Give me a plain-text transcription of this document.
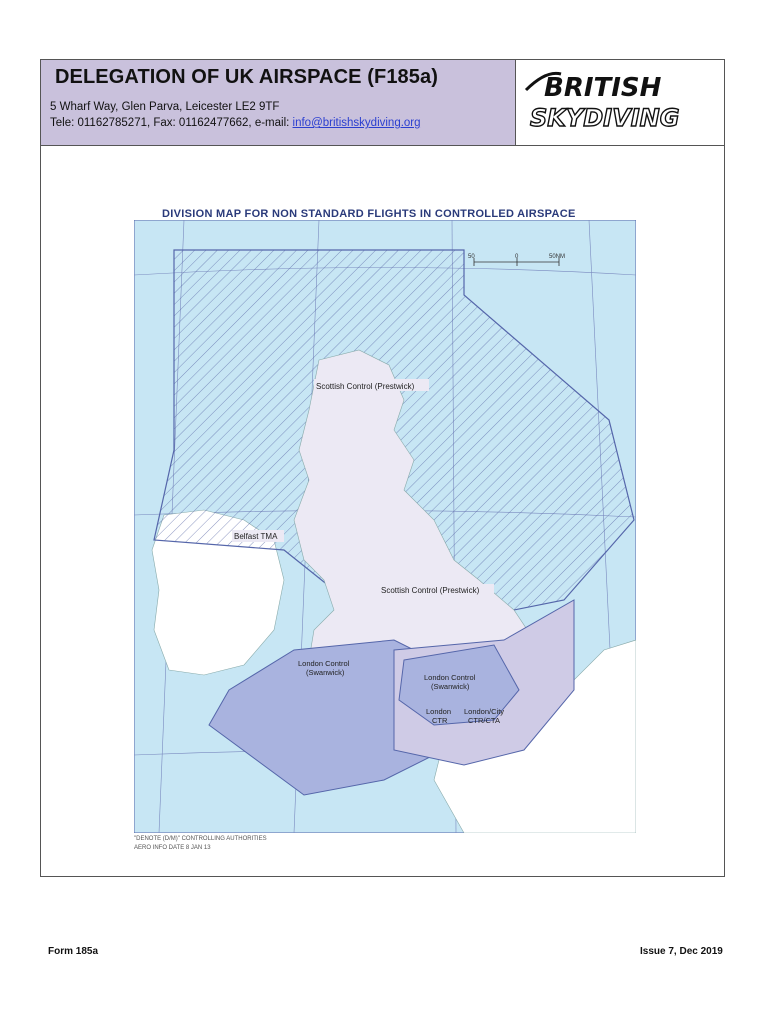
DELEGATION OF UK AIRSPACE (F185a)
5 Wharf Way, Glen Parva, Leicester LE2 9TF
Tele: 01162785271, Fax: 01162477662, e-mail: info@britishskydiving.org
BRITISH
SKYDIVING
DIVISION MAP FOR NON STANDARD FLIGHTS IN CONTROLLED AIRSPACE
50	0	50NM
Scottish Control (Prestwick)
Belfast TMA
Scottish Control (Prestwick)
London Control
(Swanwick)
London Control
(Swanwick)
London
CTR
London/City
CTR/CTA
"DENOTE (D/M)" CONTROLLING AUTHORITIES
AERO INFO DATE 8 JAN 13
Form 185a	Issue 7, Dec 2019
